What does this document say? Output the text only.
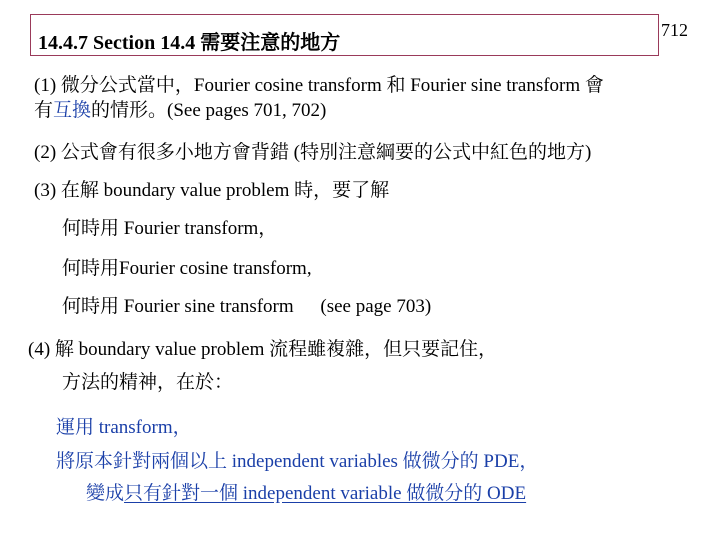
14.4.7 Section 14.4 需要注意的地方
712
(1) 微分公式當中，Fourier cosine transform 和 Fourier sine transform 會
有互換的情形。(See pages 701, 702)
(2) 公式會有很多小地方會背錯 (特別注意綱要的公式中紅色的地方)
(3) 在解 boundary value problem 時，要了解
何時用 Fourier transform，
何時用Fourier cosine transform,
何時用 Fourier sine transform (see page 703)
(4) 解 boundary value problem 流程雖複雜，但只要記住，
方法的精神，在於：
運用 transform，
將原本針對兩個以上 independent variables 做微分的 PDE，
變成只有針對一個 independent variable 做微分的 ODE
